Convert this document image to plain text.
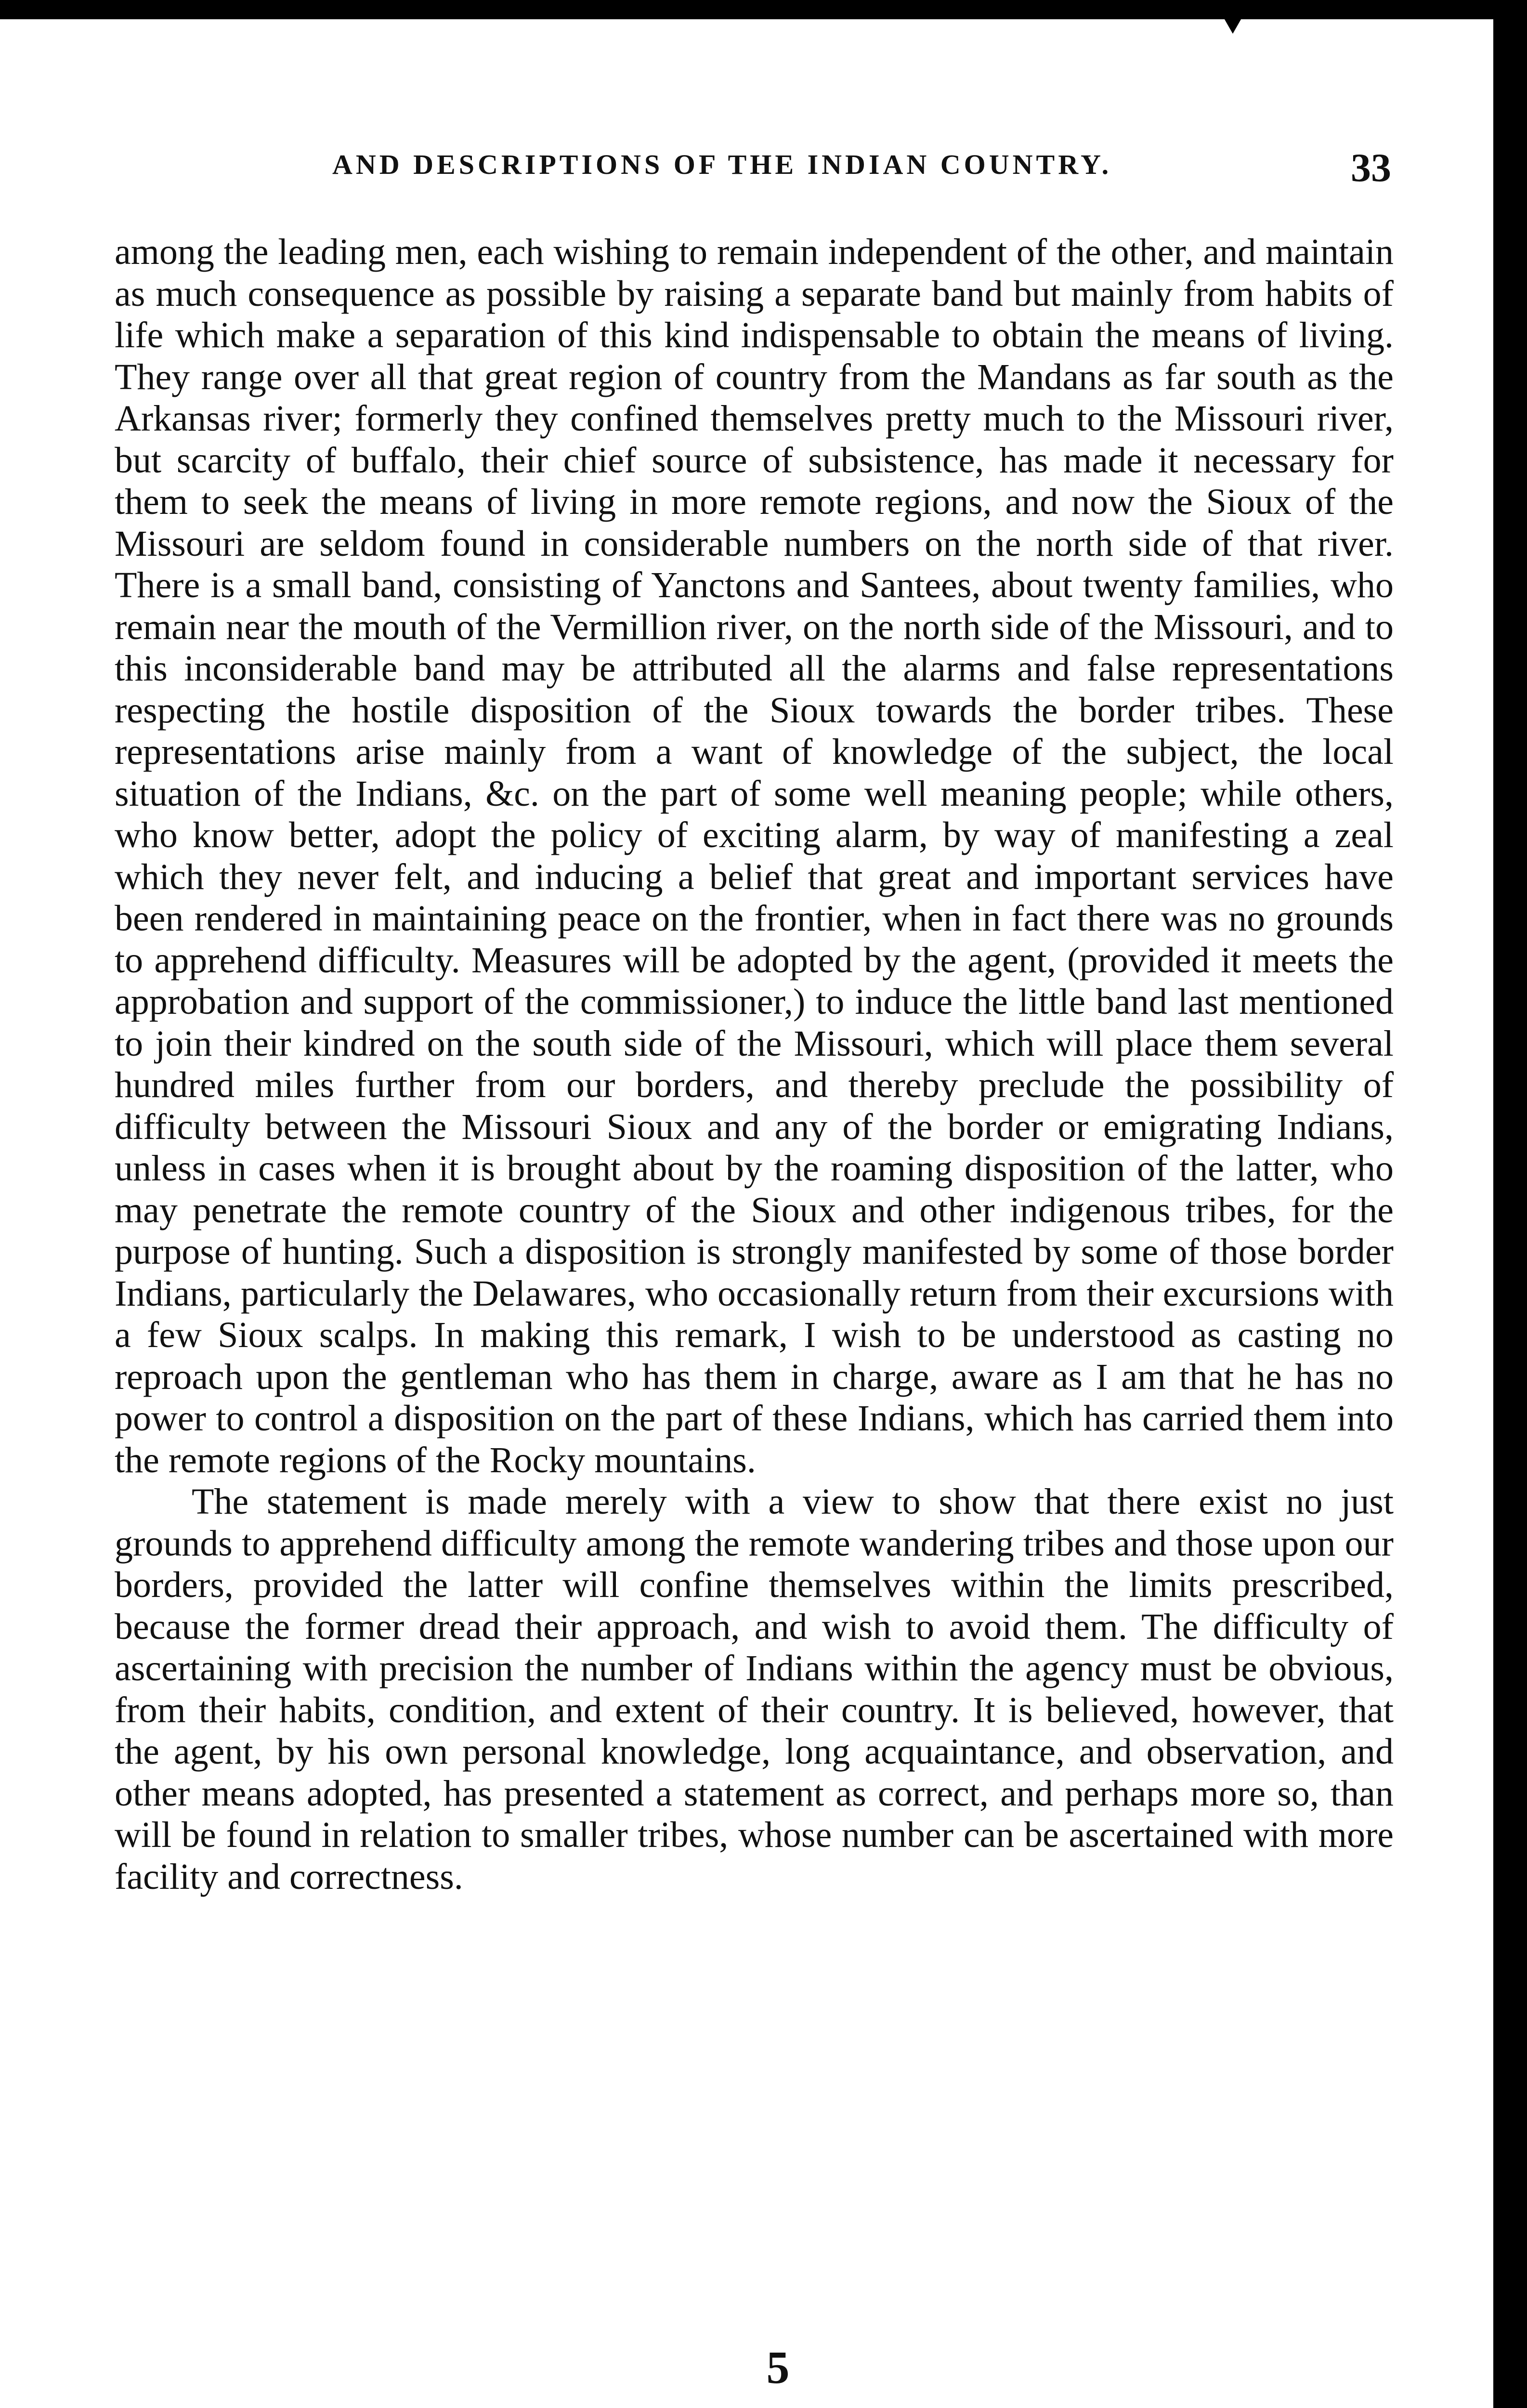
AND DESCRIPTIONS OF THE INDIAN COUNTRY.	33

among the leading men, each wishing to remain independent of the other, and maintain as much consequence as possible by raising a separate band but mainly from habits of life which make a separation of this kind indispensable to obtain the means of living. They range over all that great region of country from the Mandans as far south as the Arkansas river; formerly they confined themselves pretty much to the Missouri river, but scarcity of buffalo, their chief source of subsistence, has made it necessary for them to seek the means of living in more remote regions, and now the Sioux of the Missouri are seldom found in considerable numbers on the north side of that river. There is a small band, consisting of Yanctons and Santees, about twenty families, who remain near the mouth of the Vermillion river, on the north side of the Missouri, and to this inconsiderable band may be attributed all the alarms and false representations respecting the hostile disposition of the Sioux towards the border tribes. These representations arise mainly from a want of knowledge of the subject, the local situation of the Indians, &c. on the part of some well meaning people; while others, who know better, adopt the policy of exciting alarm, by way of manifesting a zeal which they never felt, and inducing a belief that great and important services have been rendered in maintaining peace on the frontier, when in fact there was no grounds to apprehend difficulty. Measures will be adopted by the agent, (provided it meets the approbation and support of the commissioner,) to induce the little band last mentioned to join their kindred on the south side of the Missouri, which will place them several hundred miles further from our borders, and thereby preclude the possibility of difficulty between the Missouri Sioux and any of the border or emigrating Indians, unless in cases when it is brought about by the roaming disposition of the latter, who may penetrate the remote country of the Sioux and other indigenous tribes, for the purpose of hunting. Such a disposition is strongly manifested by some of those border Indians, particularly the Delawares, who occasionally return from their excursions with a few Sioux scalps. In making this remark, I wish to be understood as casting no reproach upon the gentleman who has them in charge, aware as I am that he has no power to control a disposition on the part of these Indians, which has carried them into the remote regions of the Rocky mountains.

The statement is made merely with a view to show that there exist no just grounds to apprehend difficulty among the remote wandering tribes and those upon our borders, provided the latter will confine themselves within the limits prescribed, because the former dread their approach, and wish to avoid them. The difficulty of ascertaining with precision the number of Indians within the agency must be obvious, from their habits, condition, and extent of their country. It is believed, however, that the agent, by his own personal knowledge, long acquaintance, and observation, and other means adopted, has presented a statement as correct, and perhaps more so, than will be found in relation to smaller tribes, whose number can be ascertained with more facility and correctness.

5
